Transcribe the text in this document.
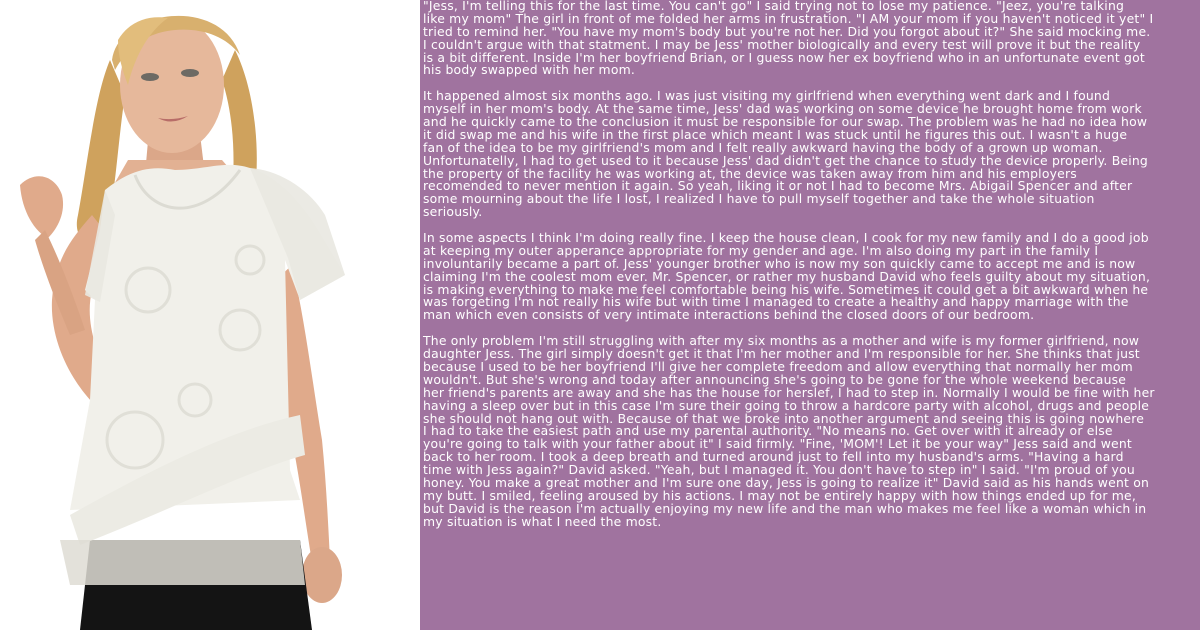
"Jess, I'm telling this for the last time. You can't go" I said trying not to lose my patience. "Jeez, you're talking
like my mom" The girl in front of me folded her arms in frustration. "I AM your mom if you haven't noticed it yet" I
tried to remind her. "You have my mom's body but you're not her. Did you forgot about it?" She said mocking me.
I couldn't argue with that statment. I may be Jess' mother biologically and every test will prove it but the reality
is a bit different. Inside I'm her boyfriend Brian, or I guess now her ex boyfriend who in an unfortunate event got
his body swapped with her mom.
It happened almost six months ago. I was just visiting my girlfriend when everything went dark and I found
myself in her mom's body. At the same time, Jess' dad was working on some device he brought home from work
and he quickly came to the conclusion it must be responsible for our swap. The problem was he had no idea how
it did swap me and his wife in the first place which meant I was stuck until he figures this out. I wasn't a huge
fan of the idea to be my girlfriend's mom and I felt really awkward having the body of a grown up woman.
Unfortunatelly, I had to get used to it because Jess' dad didn't get the chance to study the device properly. Being
the property of the facility he was working at, the device was taken away from him and his employers
recomended to never mention it again. So yeah, liking it or not I had to become Mrs. Abigail Spencer and after
some mourning about the life I lost, I realized I have to pull myself together and take the whole situation
seriously.
In some aspects I think I'm doing really fine. I keep the house clean, I cook for my new family and I do a good job
at keeping my outer apperance appropriate for my gender and age. I'm also doing my part in the family I
involuntarily became a part of. Jess' younger brother who is now my son quickly came to accept me and is now
claiming I'm the coolest mom ever. Mr. Spencer, or rather my husband David who feels guilty about my situation,
is making everything to make me feel comfortable being his wife. Sometimes it could get a bit awkward when he
was forgeting I'm not really his wife but with time I managed to create a healthy and happy marriage with the
man which even consists of very intimate interactions behind the closed doors of our bedroom.
The only problem I'm still struggling with after my six months as a mother and wife is my former girlfriend, now
daughter Jess. The girl simply doesn't get it that I'm her mother and I'm responsible for her. She thinks that just
because I used to be her boyfriend I'll give her complete freedom and allow everything that normally her mom
wouldn't. But she's wrong and today after announcing she's going to be gone for the whole weekend because
her friend's parents are away and she has the house for herslef, I had to step in. Normally I would be fine with her
having a sleep over but in this case I'm sure their going to throw a hardcore party with alcohol, drugs and people
she should not hang out with. Because of that we broke into another argument and seeing this is going nowhere
I had to take the easiest path and use my parental authority. "No means no. Get over with it already or else
you're going to talk with your father about it" I said firmly. "Fine, 'MOM'! Let it be your way" Jess said and went
back to her room. I took a deep breath and turned around just to fell into my husband's arms. "Having a hard
time with Jess again?" David asked. "Yeah, but I managed it. You don't have to step in" I said. "I'm proud of you
honey. You make a great mother and I'm sure one day, Jess is going to realize it" David said as his hands went on
my butt. I smiled, feeling aroused by his actions. I may not be entirely happy with how things ended up for me,
but David is the reason I'm actually enjoying my new life and the man who makes me feel like a woman which in
my situation is what I need the most.
